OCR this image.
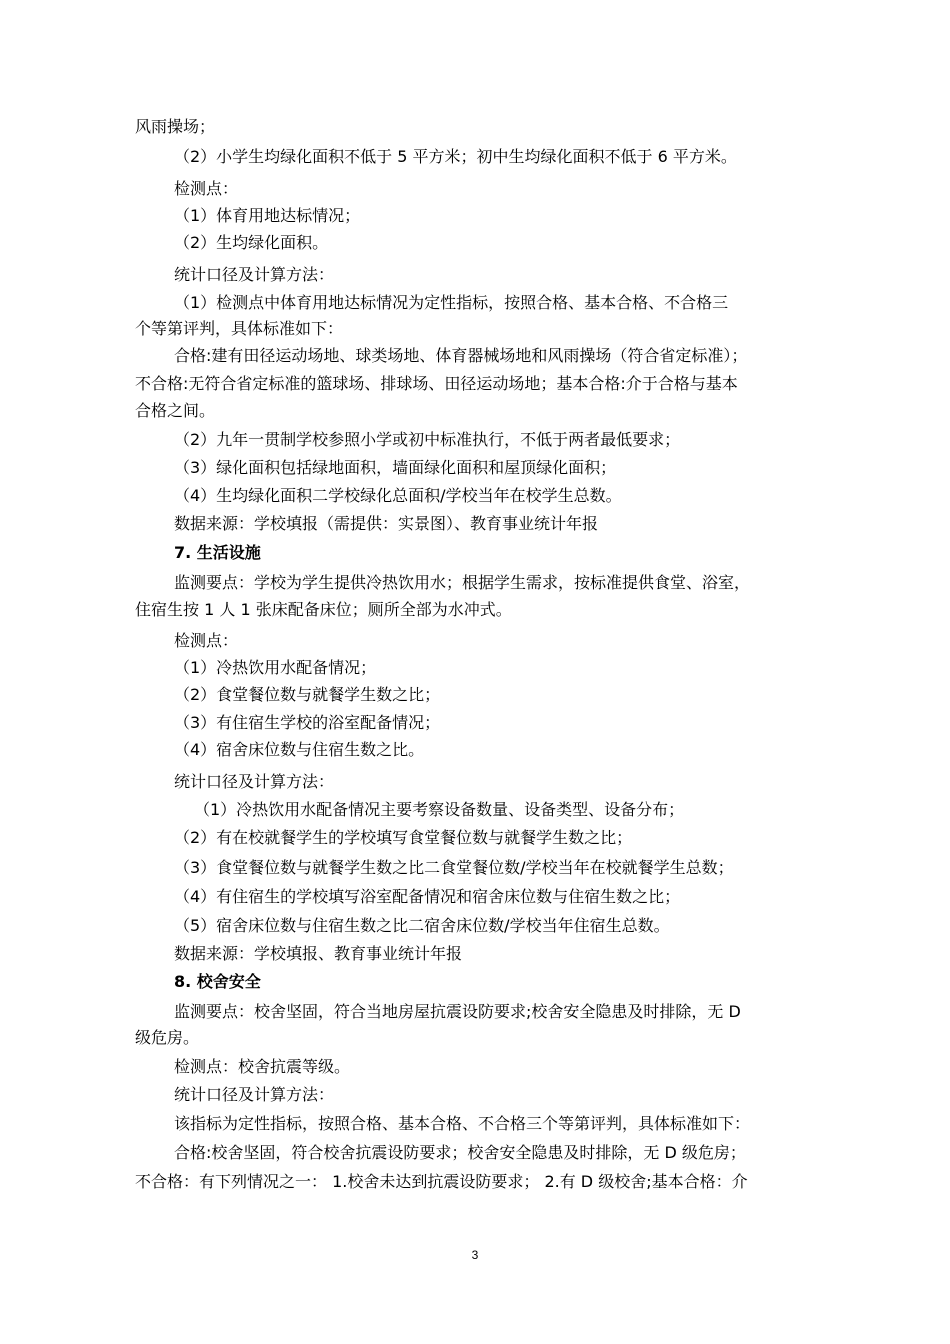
风雨操场；
（2）小学生均绿化面积不低于 5 平方米；初中生均绿化面积不低于 6 平方米。
检测点：
（1）体育用地达标情况；
（2）生均绿化面积。
统计口径及计算方法：
（1）检测点中体育用地达标情况为定性指标，按照合格、基本合格、不合格三
个等第评判，具体标准如下：
合格:建有田径运动场地、球类场地、体育器械场地和风雨操场（符合省定标准）；
不合格:无符合省定标准的篮球场、排球场、田径运动场地；基本合格:介于合格与基本
合格之间。
（2）九年一贯制学校参照小学或初中标准执行，不低于两者最低要求；
（3）绿化面积包括绿地面积，墙面绿化面积和屋顶绿化面积；
（4）生均绿化面积二学校绿化总面积/学校当年在校学生总数。
数据来源：学校填报（需提供：实景图）、教育事业统计年报
7. 生活设施
监测要点：学校为学生提供冷热饮用水；根据学生需求，按标准提供食堂、浴室，
住宿生按 1 人 1 张床配备床位；厕所全部为水冲式。
检测点：
（1）冷热饮用水配备情况；
（2）食堂餐位数与就餐学生数之比；
（3）有住宿生学校的浴室配备情况；
（4）宿舍床位数与住宿生数之比。
统计口径及计算方法：
（1）冷热饮用水配备情况主要考察设备数量、设备类型、设备分布；
（2）有在校就餐学生的学校填写食堂餐位数与就餐学生数之比；
（3）食堂餐位数与就餐学生数之比二食堂餐位数/学校当年在校就餐学生总数；
（4）有住宿生的学校填写浴室配备情况和宿舍床位数与住宿生数之比；
（5）宿舍床位数与住宿生数之比二宿舍床位数/学校当年住宿生总数。
数据来源：学校填报、教育事业统计年报
8. 校舍安全
监测要点：校舍坚固，符合当地房屋抗震设防要求;校舍安全隐患及时排除，无 D
级危房。
检测点：校舍抗震等级。
统计口径及计算方法：
该指标为定性指标，按照合格、基本合格、不合格三个等第评判，具体标准如下：
合格:校舍坚固，符合校舍抗震设防要求；校舍安全隐患及时排除，无 D 级危房；
不合格：有下列情况之一： 1.校舍未达到抗震设防要求； 2.有 D 级校舍;基本合格：介
3
